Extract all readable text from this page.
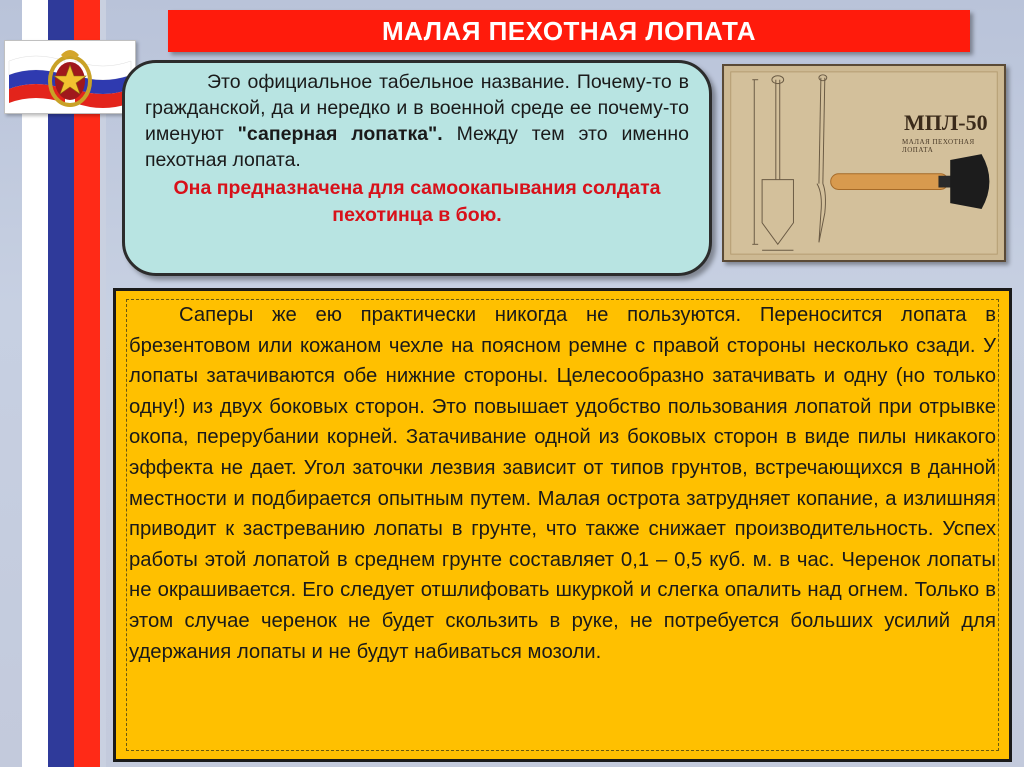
МАЛАЯ ПЕХОТНАЯ ЛОПАТА
Это официальное табельное название. Почему-то в гражданской, да и нередко и в военной среде ее почему-то именуют "саперная лопатка". Между тем это именно пехотная лопата.
Она предназначена для самоокапывания солдата пехотинца в бою.
МПЛ-50
МАЛАЯ ПЕХОТНАЯ ЛОПАТА
Саперы же ею практически никогда не пользуются. Переносится лопата в брезентовом или кожаном чехле на поясном ремне с правой стороны несколько сзади. У лопаты затачиваются обе нижние стороны. Целесообразно затачивать и одну (но только одну!) из двух боковых сторон. Это повышает удобство пользования лопатой при отрывке окопа, перерубании корней. Затачивание одной из боковых сторон в виде пилы никакого эффекта не дает. Угол заточки лезвия зависит от типов грунтов, встречающихся в данной местности и подбирается опытным путем. Малая острота затрудняет копание, а излишняя приводит к застреванию лопаты в грунте, что также снижает производительность. Успех работы этой лопатой в среднем грунте составляет 0,1 – 0,5 куб. м. в час. Черенок лопаты не окрашивается. Его следует отшлифовать шкуркой и слегка опалить над огнем. Только в этом случае черенок не будет скользить в руке, не потребуется больших усилий для удержания лопаты и не будут набиваться мозоли.
